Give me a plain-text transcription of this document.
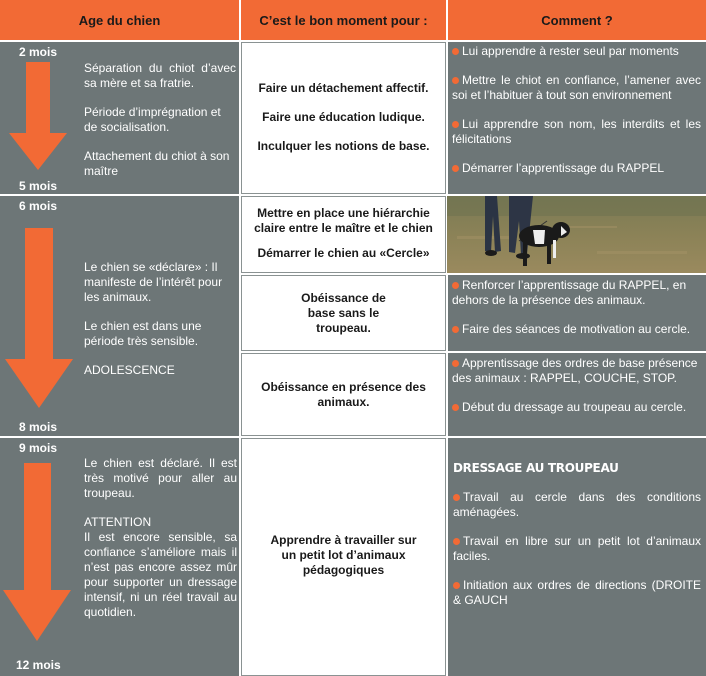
Age du chien	C’est le bon moment pour :	Comment ?
2 mois
5 mois

Séparation du chiot d’avec sa mère et sa fratrie.

Période d’imprégnation et de socialisation.

Attachement du chiot à son maître

Faire un détachement affectif.

Faire une éducation ludique.

Inculquer les notions de base.

Lui apprendre à rester seul par moments

Mettre le chiot en confiance, l’amener avec soi et l’habituer à tout son environnement

Lui apprendre son nom, les interdits et les félicitations

Démarrer l’apprentissage du RAPPEL

6 mois
8 mois

Le chien se «déclare» : Il manifeste de l’intérêt pour les animaux.

Le chien est dans une période très sensible.

ADOLESCENCE

Mettre en place une hiérarchie claire entre le maître et le chien

Démarrer le chien au «Cercle»

Obéissance de base sans le troupeau.

Obéissance en présence des animaux.

Renforcer l’apprentissage du RAPPEL, en dehors de la présence des animaux.

Faire des séances de motivation au cercle.

Apprentissage des ordres de base présence des animaux : RAPPEL, COUCHE, STOP.

Début du dressage au troupeau au cercle.

9 mois
12 mois

Le chien est déclaré. Il est très motivé pour aller au troupeau.

ATTENTION

Il est encore sensible, sa confiance s’améliore mais il n’est pas encore assez mûr pour supporter un dressage intensif, ni un réel travail au quotidien.

Apprendre à travailler sur un petit lot d’animaux pédagogiques

DRESSAGE AU TROUPEAU

Travail au cercle dans des conditions aménagées.

Travail en libre sur un petit lot d’animaux faciles.

Initiation aux ordres de directions (DROITE & GAUCH
